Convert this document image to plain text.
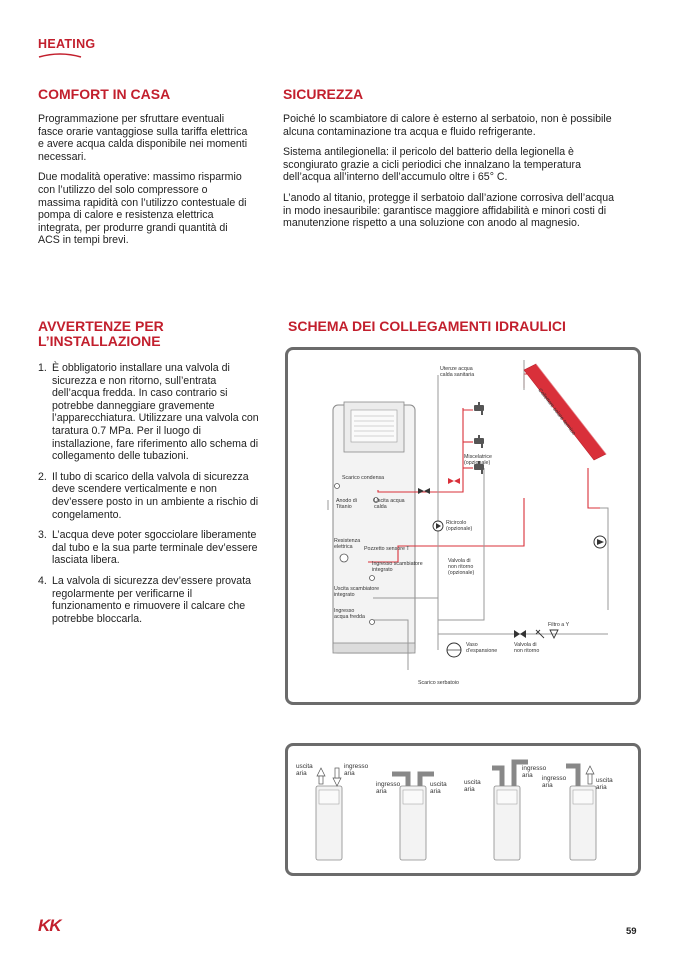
HEATING
COMFORT IN CASA

Programmazione per sfruttare eventuali fasce orarie vantaggiose sulla tariffa elettrica e avere acqua calda disponibile nei momenti necessari.

Due modalità operative: massimo risparmio con l’utilizzo del solo compressore o massima rapidità con l’utilizzo contestuale di pompa di calore e resistenza elettrica integrata, per produrre grandi quantità di ACS in tempi brevi.

SICUREZZA

Poiché lo scambiatore di calore è esterno al serbatoio, non è possibile alcuna contaminazione tra acqua e fluido refrigerante.

Sistema antilegionella: il pericolo del batterio della legionella è scongiurato grazie a cicli periodici che innalzano la temperatura dell’acqua all’interno dell’accumulo oltre i 65° C.

L’anodo al titanio, protegge il serbatoio dall’azione corrosiva dell’acqua in modo inesauribile: garantisce maggiore affidabilità e minori costi di manutenzione rispetto a una soluzione con anodo al magnesio.

AVVERTENZE PER
L’INSTALLAZIONE
1. È obbligatorio installare una valvola di sicurezza e non ritorno, sull’entrata dell’acqua fredda. In caso contrario si potrebbe danneggiare gravemente l’apparecchiatura. Utilizzare una valvola con taratura 0.7 MPa. Per il luogo di installazione, fare riferimento allo schema di collegamento delle tubazioni.
2. Il tubo di scarico della valvola di sicurezza deve scendere verticalmente e non dev’essere posto in un ambiente a rischio di congelamento.
3. L’acqua deve poter sgocciolare liberamente dal tubo e la sua parte terminale dev’essere lasciata libera.
4. La valvola di sicurezza dev’essere provata regolarmente per verificarne il funzionamento e rimuovere il calcare che potrebbe bloccarla.
SCHEMA DEI COLLEGAMENTI IDRAULICI
Collettore solare termico
Utenze acqua
calda sanitaria
Miscelatrice
(opzionale)
Scarico condensa
Anodo di
Titanio
Uscita acqua
calda
Ricircolo
(opzionale)
Resistenza
elettrica Pozzetto sensore T
Ingresso scambiatore
integrato
Valvola di
non ritorno
(opzionale)
Uscita scambiatore
integrato
Filtro a Y
Ingresso
acqua fredda
Vaso
d’espansione
Valvola di
non ritorno
Scarico serbatoio
uscita
aria
ingresso
aria
ingresso
aria
uscita
aria
uscita
aria
ingresso
aria ingresso
aria
uscita
aria
KK	59
